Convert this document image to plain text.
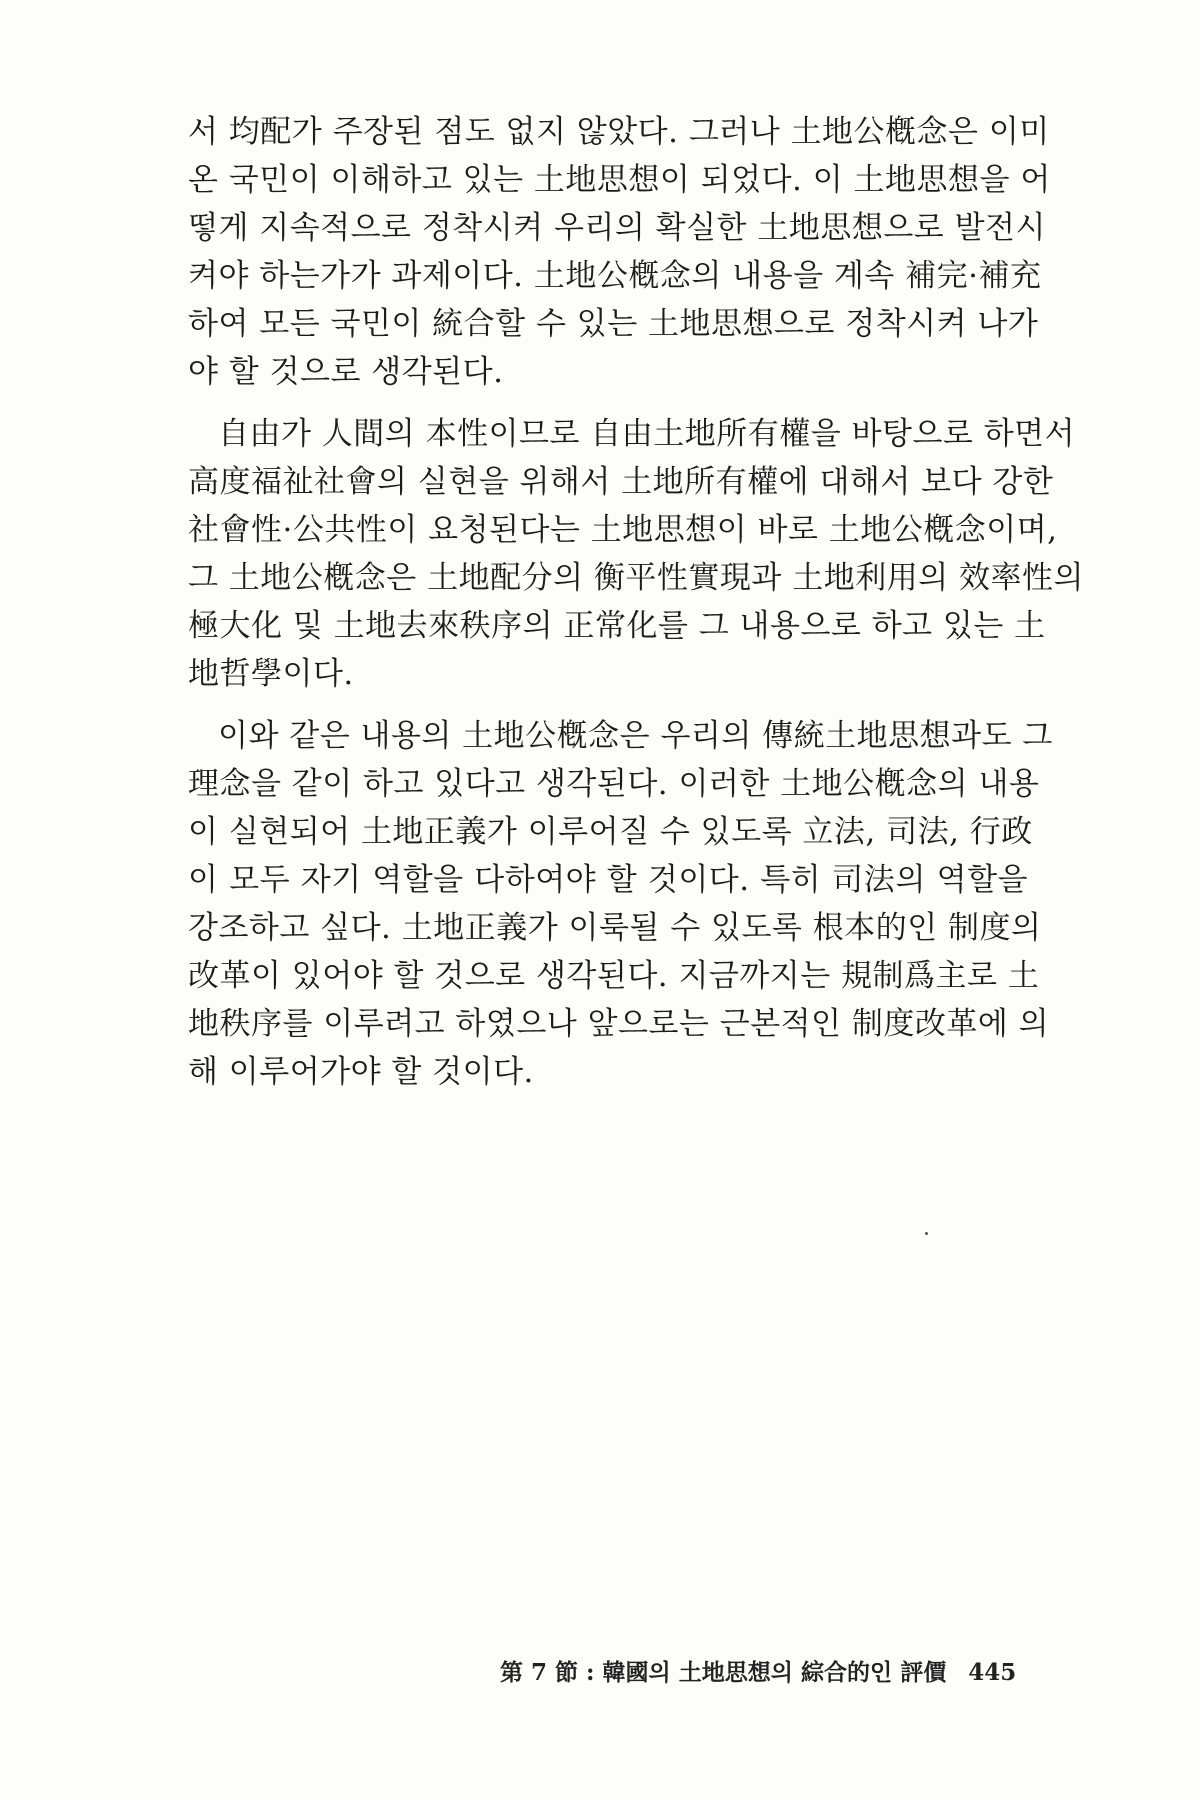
서 均配가 주장된 점도 없지 않았다. 그러나 土地公槪念은 이미
온 국민이 이해하고 있는 土地思想이 되었다. 이 土地思想을 어
떻게 지속적으로 정착시켜 우리의 확실한 土地思想으로 발전시
켜야 하는가가 과제이다. 土地公槪念의 내용을 계속 補完·補充
하여 모든 국민이 統合할 수 있는 土地思想으로 정착시켜 나가
야 할 것으로 생각된다.
自由가 人間의 本性이므로 自由土地所有權을 바탕으로 하면서
高度福祉社會의 실현을 위해서 土地所有權에 대해서 보다 강한
社會性·公共性이 요청된다는 土地思想이 바로 土地公槪念이며,
그 土地公槪念은 土地配分의 衡平性實現과 土地利用의 效率性의
極大化 및 土地去來秩序의 正常化를 그 내용으로 하고 있는 土
地哲學이다.
이와 같은 내용의 土地公槪念은 우리의 傳統土地思想과도 그
理念을 같이 하고 있다고 생각된다. 이러한 土地公槪念의 내용
이 실현되어 土地正義가 이루어질 수 있도록 立法, 司法, 行政
이 모두 자기 역할을 다하여야 할 것이다. 특히 司法의 역할을
강조하고 싶다. 土地正義가 이룩될 수 있도록 根本的인 制度의
改革이 있어야 할 것으로 생각된다. 지금까지는 規制爲主로 土
地秩序를 이루려고 하였으나 앞으로는 근본적인 制度改革에 의
해 이루어가야 할 것이다.
第 7 節 : 韓國의 土地思想의 綜合的인 評價 445
